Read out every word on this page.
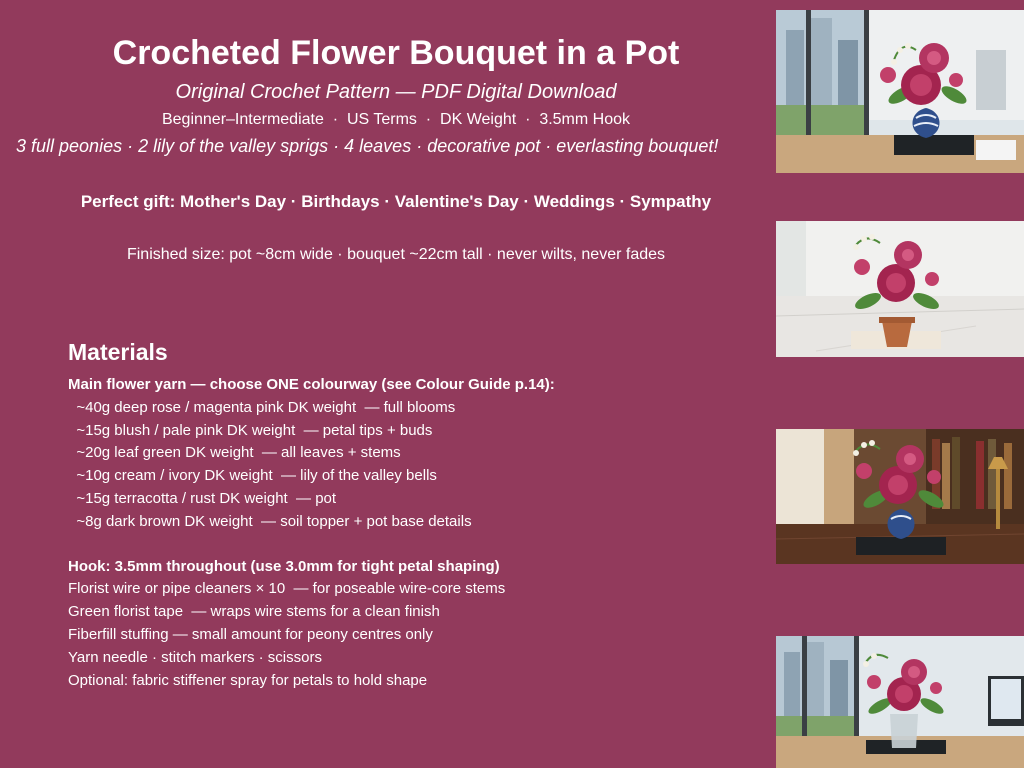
Crocheted Flower Bouquet in a Pot
Original Crochet Pattern — PDF Digital Download
Beginner–Intermediate  ·  US Terms  ·  DK Weight  ·  3.5mm Hook
3 full peonies · 2 lily of the valley sprigs · 4 leaves · decorative pot · everlasting bouquet!
Perfect gift: Mother's Day · Birthdays · Valentine's Day · Weddings · Sympathy
Finished size: pot ~8cm wide · bouquet ~22cm tall · never wilts, never fades
Materials
Main flower yarn — choose ONE colourway (see Colour Guide p.14):
~40g deep rose / magenta pink DK weight  — full blooms
~15g blush / pale pink DK weight  — petal tips + buds
~20g leaf green DK weight  — all leaves + stems
~10g cream / ivory DK weight  — lily of the valley bells
~15g terracotta / rust DK weight  — pot
~8g dark brown DK weight  — soil topper + pot base details
Hook: 3.5mm throughout (use 3.0mm for tight petal shaping)
Florist wire or pipe cleaners × 10  — for poseable wire-core stems
Green florist tape  — wraps wire stems for a clean finish
Fiberfill stuffing — small amount for peony centres only
Yarn needle · stitch markers · scissors
Optional: fabric stiffener spray for petals to hold shape
